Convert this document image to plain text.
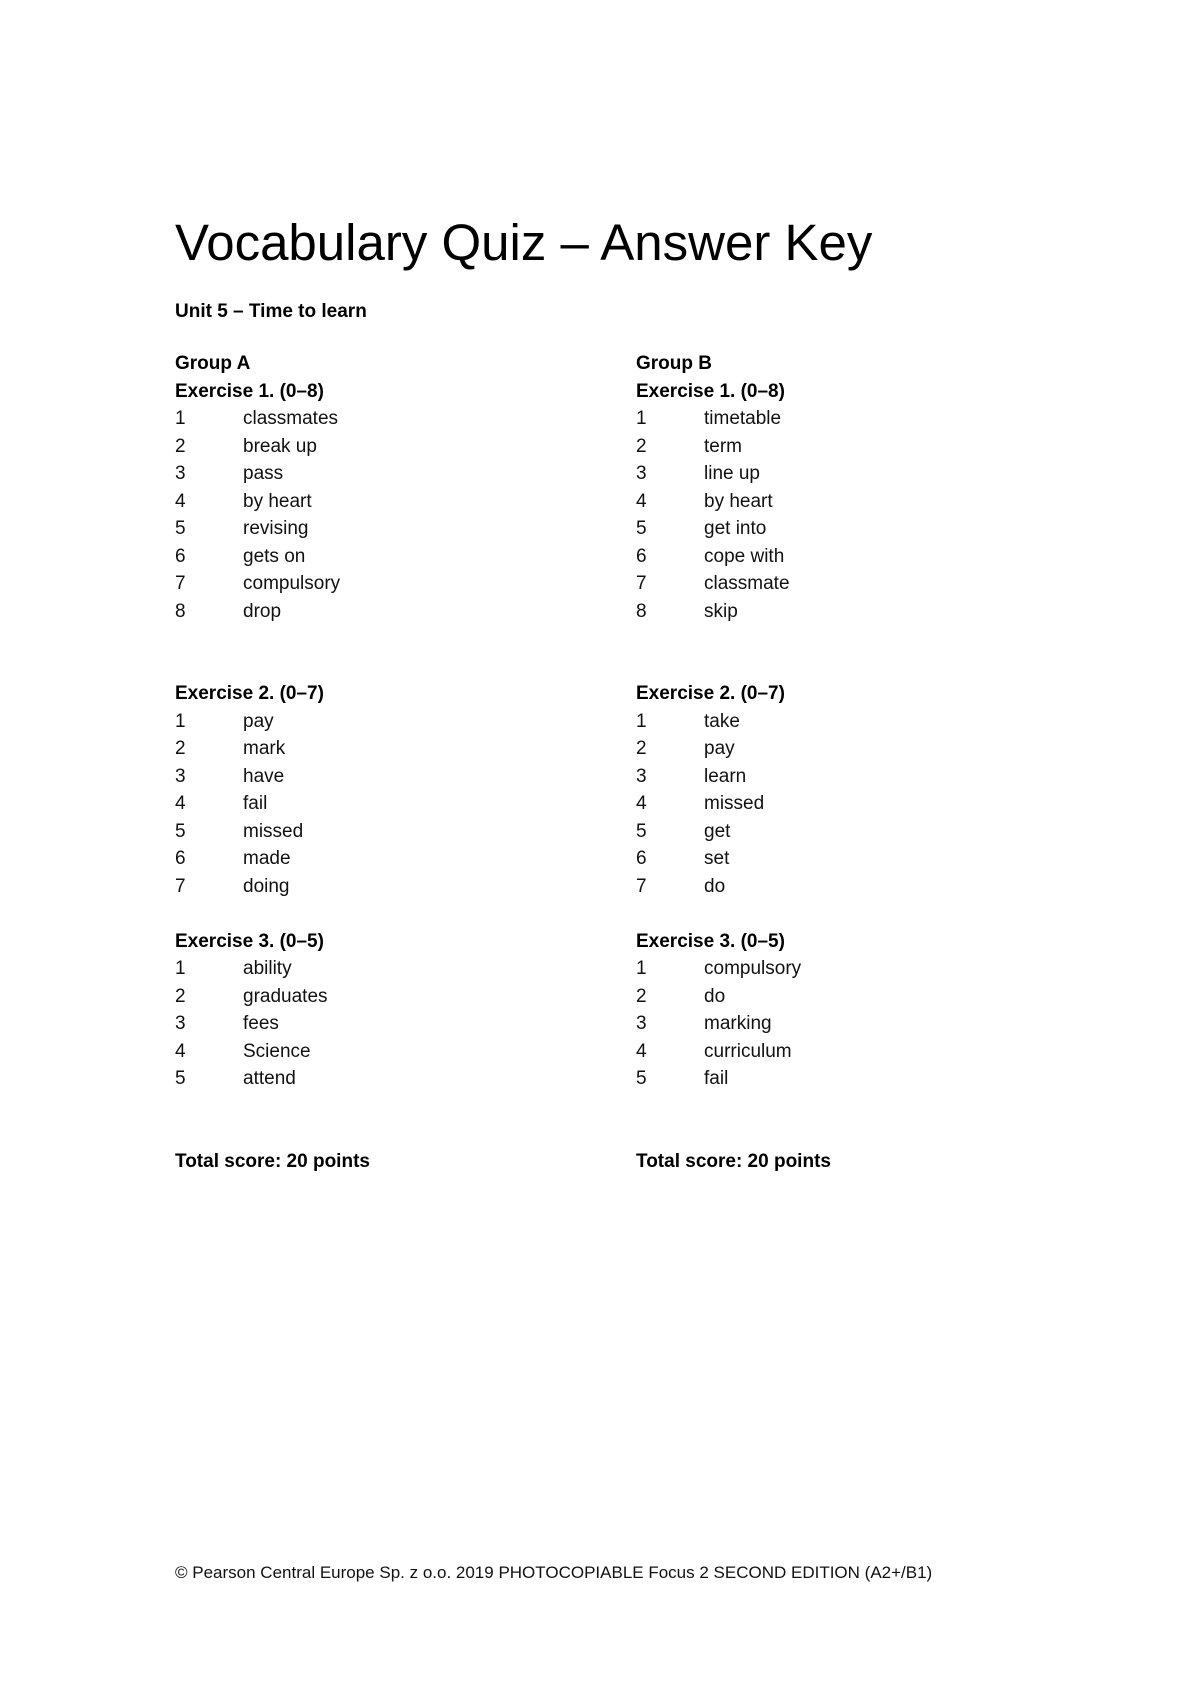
Vocabulary Quiz – Answer Key
Unit 5 – Time to learn
Group A
Exercise 1. (0–8)
1	classmates
2	break up
3	pass
4	by heart
5	revising
6	gets on
7	compulsory
8	drop
Exercise 2. (0–7)
1	pay
2	mark
3	have
4	fail
5	missed
6	made
7	doing
Exercise 3. (0–5)
1	ability
2	graduates
3	fees
4	Science
5	attend
Total score: 20 points
Group B
Exercise 1. (0–8)
1	timetable
2	term
3	line up
4	by heart
5	get into
6	cope with
7	classmate
8	skip
Exercise 2. (0–7)
1	take
2	pay
3	learn
4	missed
5	get
6	set
7	do
Exercise 3. (0–5)
1	compulsory
2	do
3	marking
4	curriculum
5	fail
Total score: 20 points
© Pearson Central Europe Sp. z o.o. 2019 PHOTOCOPIABLE Focus 2 SECOND EDITION (A2+/B1)
